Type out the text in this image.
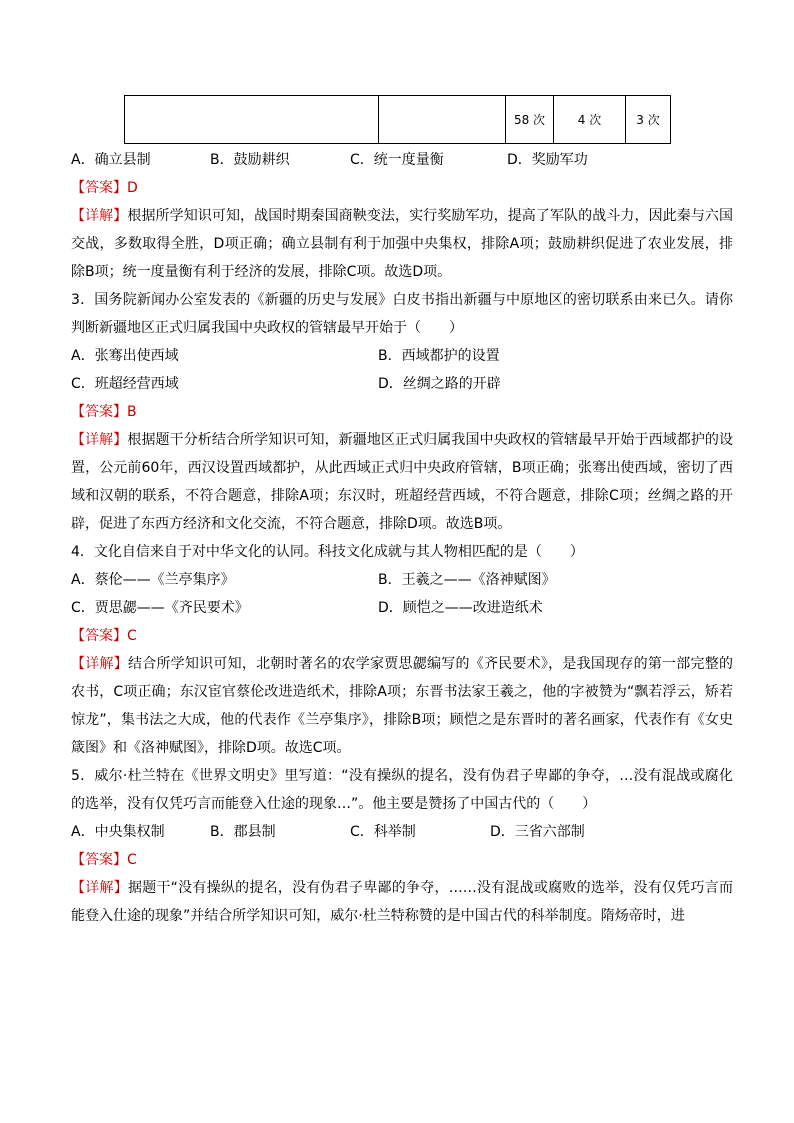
		58 次	4 次	3 次
A．确立县制	B．鼓励耕织	C．统一度量衡	D．奖励军功
【答案】D

【详解】根据所学知识可知，战国时期秦国商鞅变法，实行奖励军功，提高了军队的战斗力，因此秦与六国交战，多数取得全胜，D项正确；确立县制有利于加强中央集权，排除A项；鼓励耕织促进了农业发展，排除B项；统一度量衡有利于经济的发展，排除C项。故选D项。

3．国务院新闻办公室发表的《新疆的历史与发展》白皮书指出新疆与中原地区的密切联系由来已久。请你判断新疆地区正式归属我国中央政权的管辖最早开始于（　　）

A．张骞出使西域	B．西域都护的设置
C．班超经营西域	D．丝绸之路的开辟
【答案】B

【详解】根据题干分析结合所学知识可知，新疆地区正式归属我国中央政权的管辖最早开始于西域都护的设置，公元前60年，西汉设置西域都护，从此西域正式归中央政府管辖，B项正确；张骞出使西域，密切了西域和汉朝的联系，不符合题意，排除A项；东汉时，班超经营西域，不符合题意，排除C项；丝绸之路的开辟，促进了东西方经济和文化交流，不符合题意，排除D项。故选B项。

4．文化自信来自于对中华文化的认同。科技文化成就与其人物相匹配的是（　　）

A．蔡伦——《兰亭集序》	B．王羲之——《洛神赋图》
C．贾思勰——《齐民要术》	D．顾恺之——改进造纸术
【答案】C

【详解】结合所学知识可知，北朝时著名的农学家贾思勰编写的《齐民要术》，是我国现存的第一部完整的农书，C项正确；东汉宦官蔡伦改进造纸术，排除A项；东晋书法家王羲之，他的字被赞为“飘若浮云，矫若惊龙”，集书法之大成，他的代表作《兰亭集序》，排除B项；顾恺之是东晋时的著名画家，代表作有《女史箴图》和《洛神赋图》，排除D项。故选C项。

5．威尔·杜兰特在《世界文明史》里写道：“没有操纵的提名，没有伪君子卑鄙的争夺，…没有混战或腐化的选举，没有仅凭巧言而能登入仕途的现象…”。他主要是赞扬了中国古代的（　　）

A．中央集权制	B．郡县制	C．科举制	D．三省六部制
【答案】C

【详解】据题干“没有操纵的提名，没有伪君子卑鄙的争夺，……没有混战或腐败的选举，没有仅凭巧言而能登入仕途的现象”并结合所学知识可知，威尔·杜兰特称赞的是中国古代的科举制度。隋炀帝时，进
